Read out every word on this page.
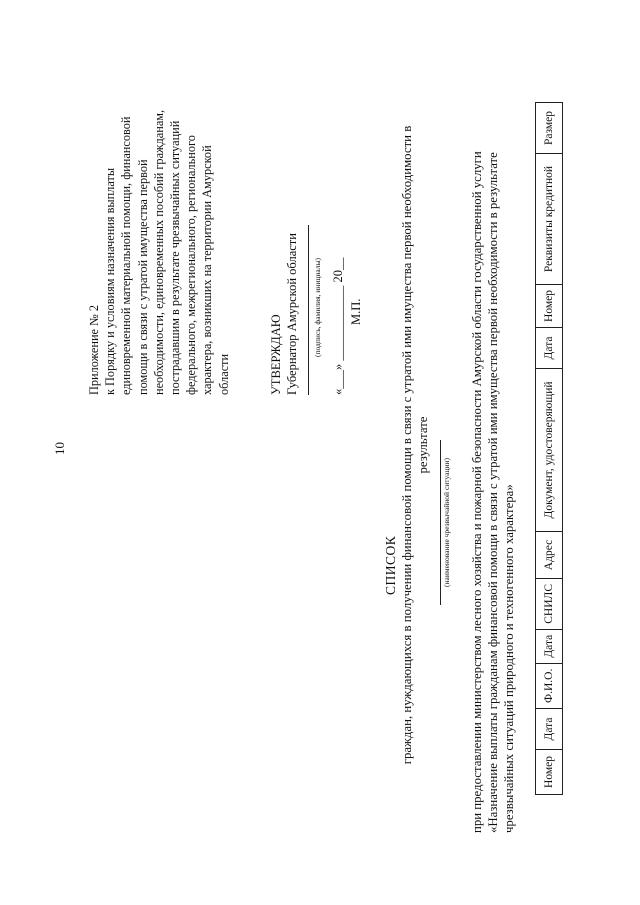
10
Приложение № 2 к Порядку и условиям назначения выплаты единовременной материальной помощи, финансовой помощи в связи с утратой имущества первой необходимости, единовременных пособий гражданам, пострадавшим в результате чрезвычайных ситуаций федерального, межрегионального, регионального характера, возникших на территории Амурской области	УТВЕРЖДАЮ Губернатор Амурской области	(подпись, фамилия, инициалы) «___» ____________ 20__ М.П.
СПИСОК граждан, нуждающихся в получении финансовой помощи в связи с утратой ими имущества первой необходимости в результате
(наименование чрезвычайной ситуации) при предоставлении министерством лесного хозяйства и пожарной безопасности Амурской области государственной услуги «Назначение выплаты гражданам финансовой помощи в связи с утратой ими имущества первой необходимости в результате чрезвычайных ситуаций природного и техногенного характера» Номер	Дата	Ф.И.О.	Дата	СНИЛС	Адрес	Документ, удостоверяющий	Дата	Номер	Реквизиты кредитной	Размер
